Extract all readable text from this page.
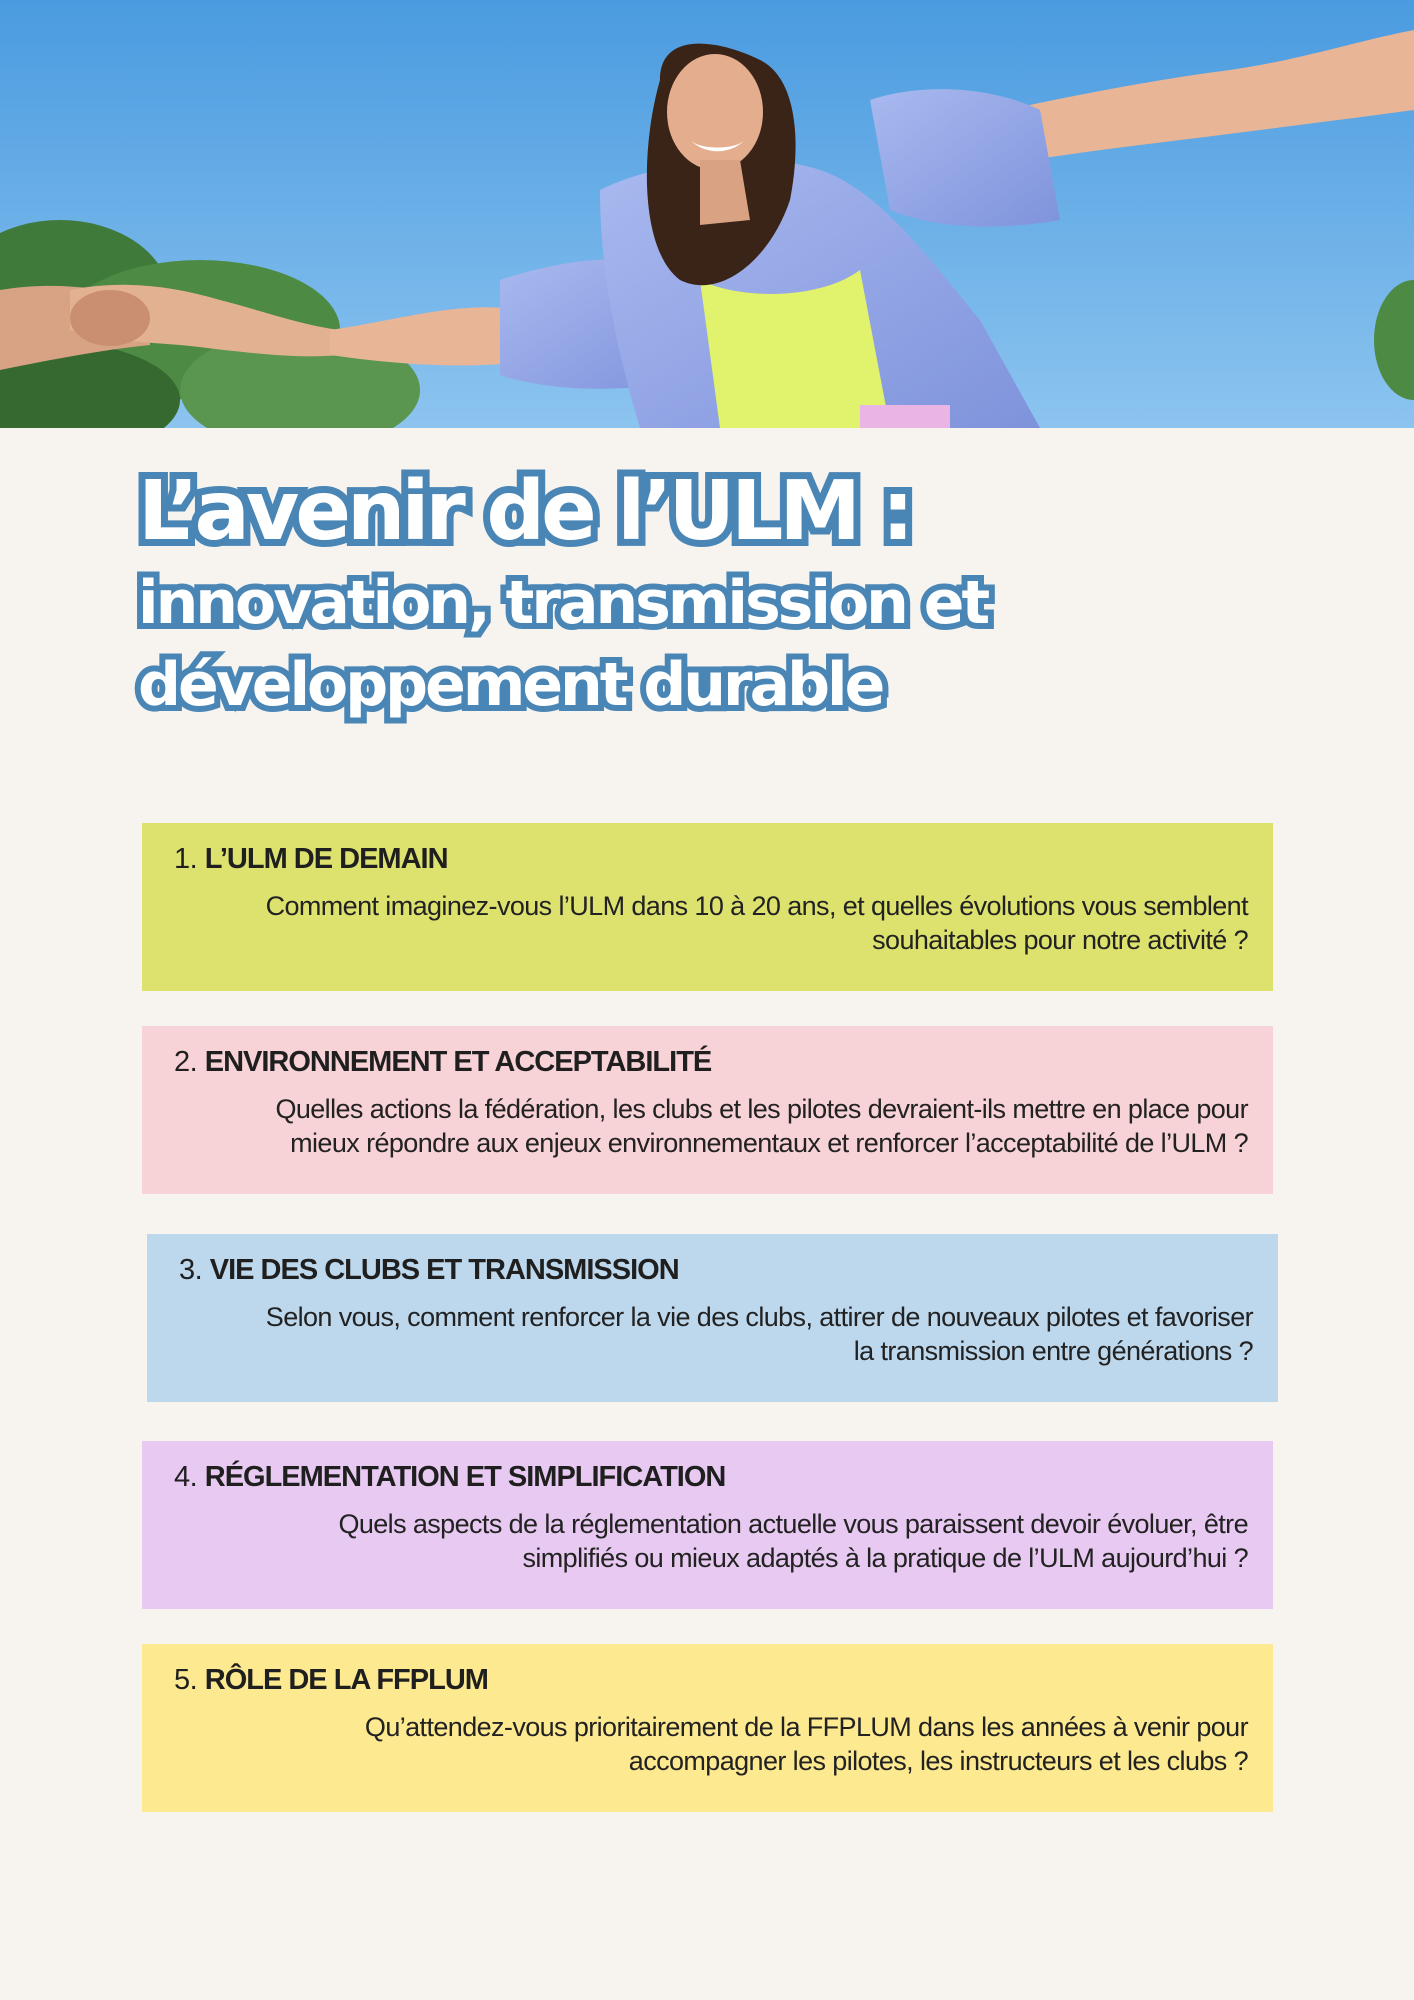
L’avenir de l’ULM :

innovation, transmission et

développement durable

1. L’ULM DE DEMAIN
Comment imaginez-vous l’ULM dans 10 à 20 ans, et quelles évolutions vous semblent
souhaitables pour notre activité ?
2. ENVIRONNEMENT ET ACCEPTABILITÉ
Quelles actions la fédération, les clubs et les pilotes devraient-ils mettre en place pour
mieux répondre aux enjeux environnementaux et renforcer l’acceptabilité de l’ULM ?
3. VIE DES CLUBS ET TRANSMISSION
Selon vous, comment renforcer la vie des clubs, attirer de nouveaux pilotes et favoriser
la transmission entre générations ?
4. RÉGLEMENTATION ET SIMPLIFICATION
Quels aspects de la réglementation actuelle vous paraissent devoir évoluer, être
simplifiés ou mieux adaptés à la pratique de l’ULM aujourd’hui ?
5. RÔLE DE LA FFPLUM
Qu’attendez-vous prioritairement de la FFPLUM dans les années à venir pour
accompagner les pilotes, les instructeurs et les clubs ?
